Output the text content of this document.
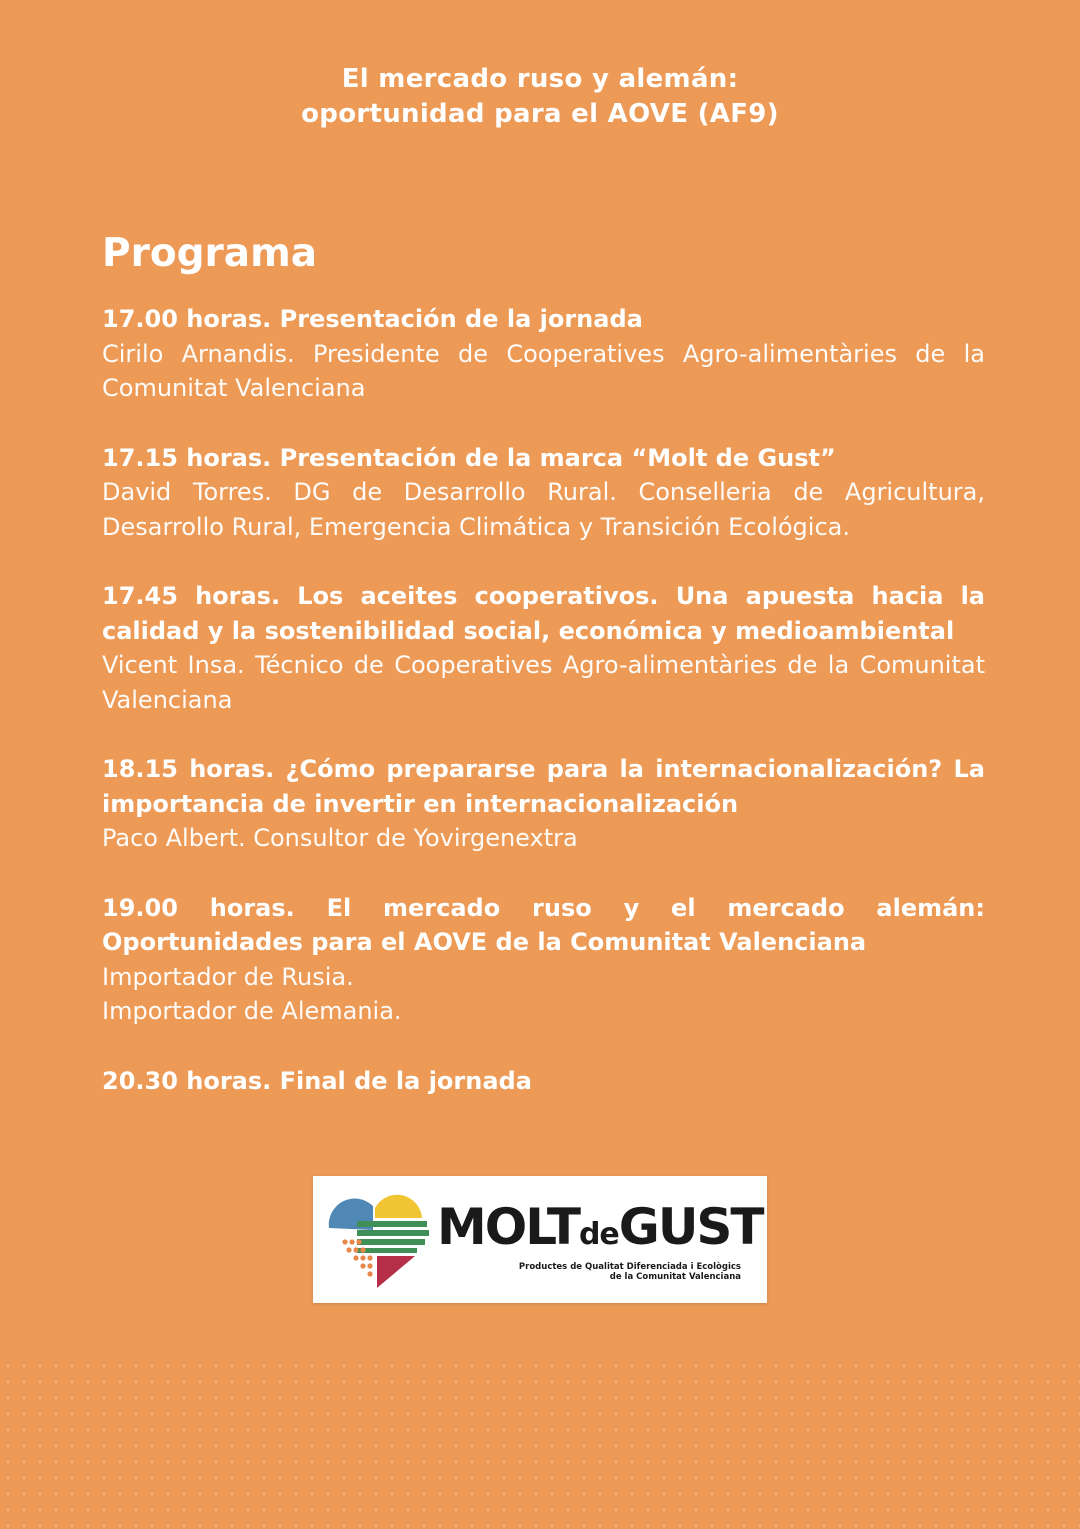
El mercado ruso y alemán:
oportunidad para el AOVE (AF9)
Programa
17.00 horas. Presentación de la jornada
Cirilo Arnandis. Presidente de Cooperatives Agro-alimentàries de la Comunitat Valenciana
17.15 horas. Presentación de la marca “Molt de Gust”
David Torres. DG de Desarrollo Rural. Conselleria de Agricultura, Desarrollo Rural, Emergencia Climática y Transición Ecológica.
17.45 horas. Los aceites cooperativos. Una apuesta hacia la calidad y la sostenibilidad social, económica y medioambiental
Vicent Insa. Técnico de Cooperatives Agro-alimentàries de la Comunitat Valenciana
18.15 horas. ¿Cómo prepararse para la internacionalización? La importancia de invertir en internacionalización
Paco Albert. Consultor de Yovirgenextra
19.00 horas. El mercado ruso y el mercado alemán: Oportunidades para el AOVE de la Comunitat Valenciana
Importador de Rusia.
Importador de Alemania.
20.30 horas. Final de la jornada
MOLTdeGUST
Productes de Qualitat Diferenciada i Ecològics
de la Comunitat Valenciana
